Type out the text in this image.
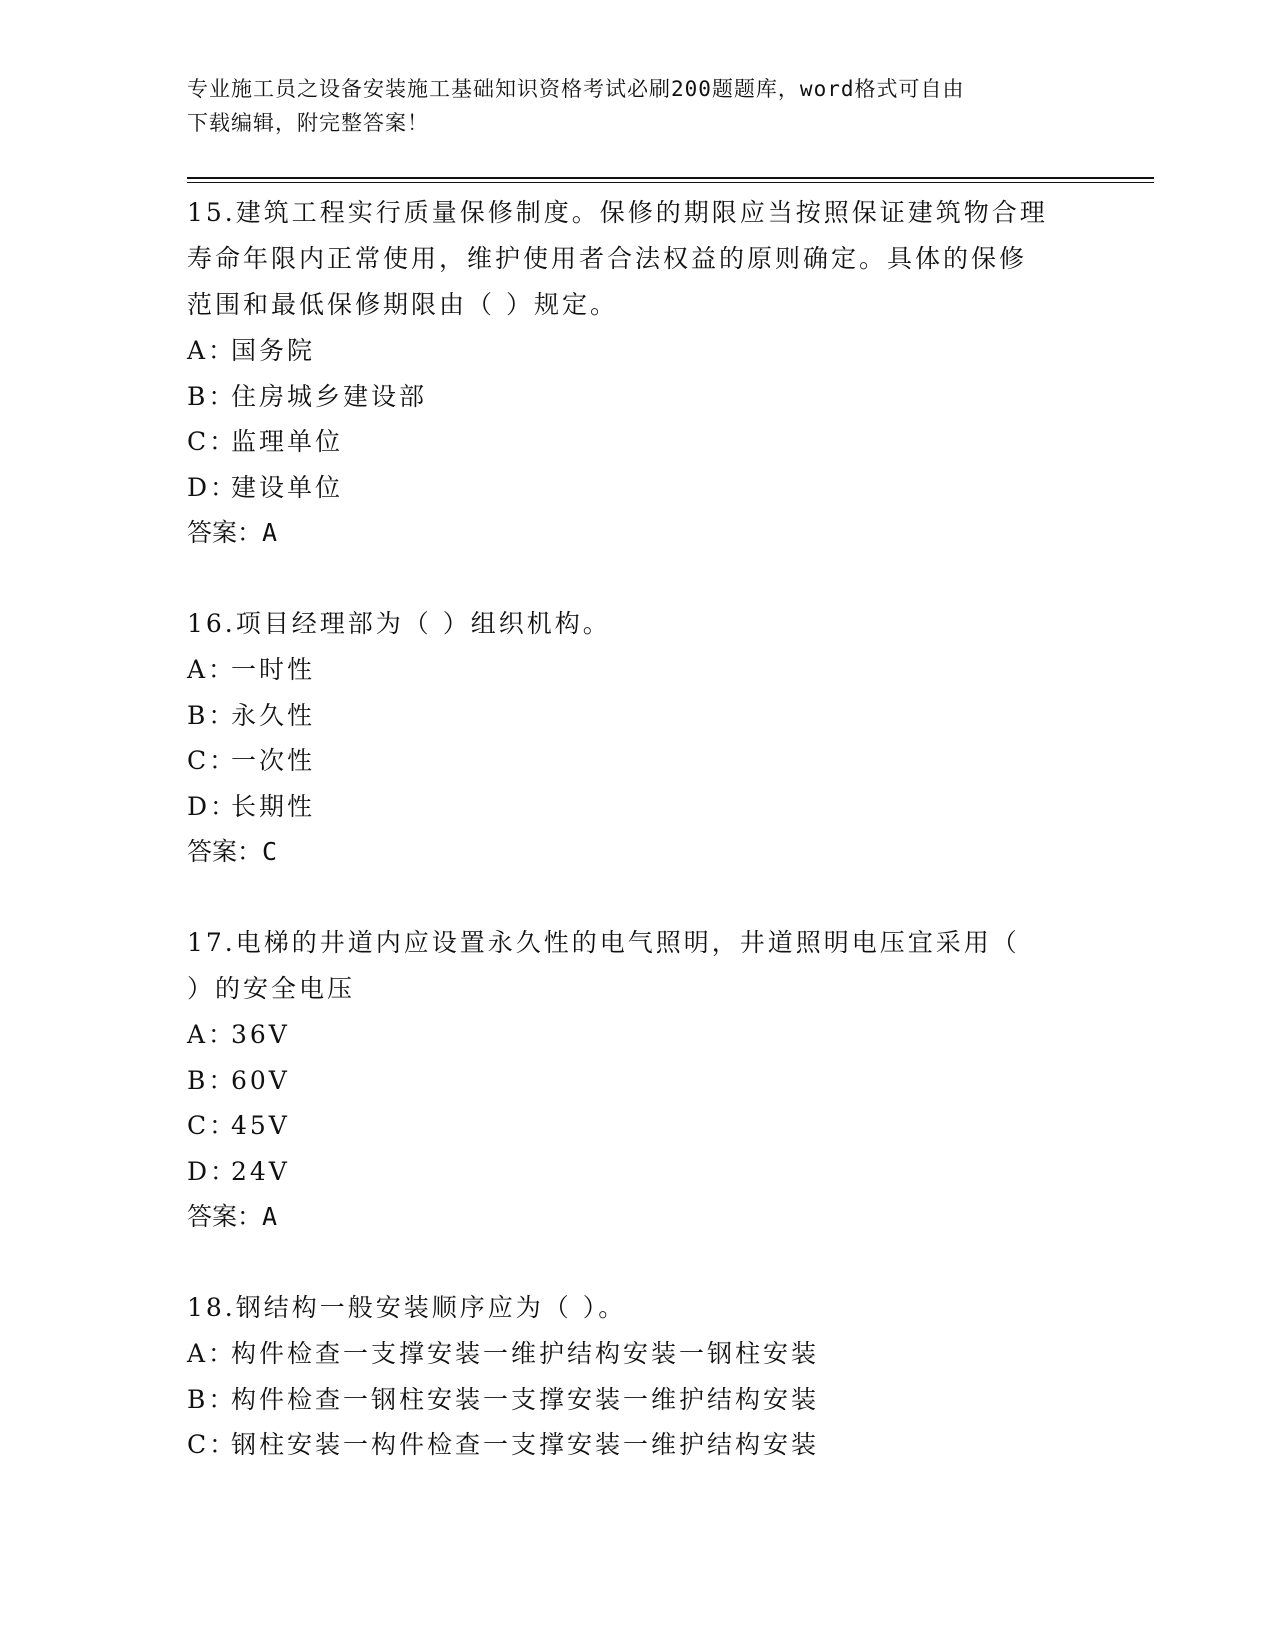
专业施工员之设备安装施工基础知识资格考试必刷200题题库，word格式可自由
下载编辑，附完整答案！

15.建筑工程实行质量保修制度。保修的期限应当按照保证建筑物合理

寿命年限内正常使用，维护使用者合法权益的原则确定。具体的保修

范围和最低保修期限由（ ）规定。

A：国务院

B：住房城乡建设部

C：监理单位

D：建设单位

答案：A

16.项目经理部为（ ）组织机构。

A：一时性

B：永久性

C：一次性

D：长期性

答案：C

17.电梯的井道内应设置永久性的电气照明，井道照明电压宜采用（

）的安全电压

A：36V

B：60V

C：45V

D：24V

答案：A

18.钢结构一般安装顺序应为（ ）。

A：构件检查一支撑安装一维护结构安装一钢柱安装

B：构件检查一钢柱安装一支撑安装一维护结构安装

C：钢柱安装一构件检查一支撑安装一维护结构安装
